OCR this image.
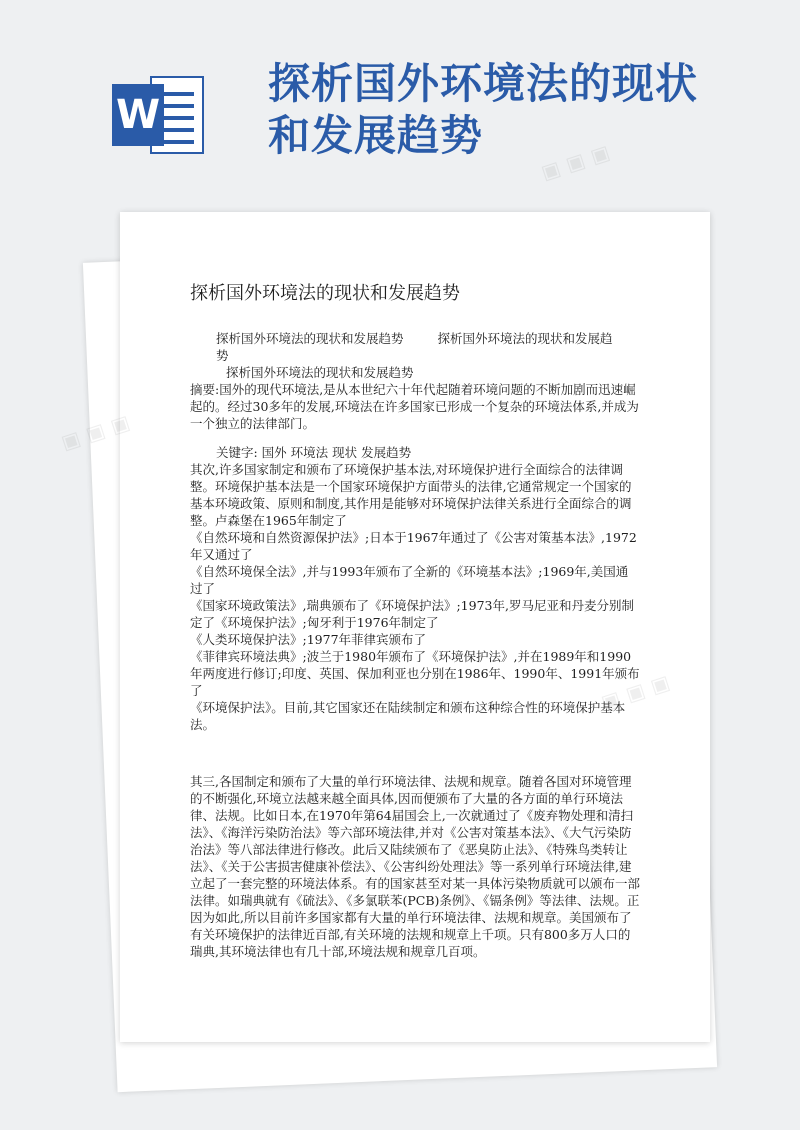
W
探析国外环境法的现状
和发展趋势
探析国外环境法的现状和发展趋势

探析国外环境法的现状和发展趋势	探析国外环境法的现状和发展趋势
探析国外环境法的现状和发展趋势

摘要:国外的现代环境法,是从本世纪六十年代起随着环境问题的不断加剧而迅速崛起的。经过30多年的发展,环境法在许多国家已形成一个复杂的环境法体系,并成为一个独立的法律部门。

关键字: 国外 环境法 现状 发展趋势

其次,许多国家制定和颁布了环境保护基本法,对环境保护进行全面综合的法律调整。环境保护基本法是一个国家环境保护方面带头的法律,它通常规定一个国家的基本环境政策、原则和制度,其作用是能够对环境保护法律关系进行全面综合的调整。卢森堡在1965年制定了

《自然环境和自然资源保护法》;日本于1967年通过了《公害对策基本法》,1972年又通过了

《自然环境保全法》,并与1993年颁布了全新的《环境基本法》;1969年,美国通过了

《国家环境政策法》,瑞典颁布了《环境保护法》;1973年,罗马尼亚和丹麦分别制定了《环境保护法》;匈牙利于1976年制定了

《人类环境保护法》;1977年菲律宾颁布了

《菲律宾环境法典》;波兰于1980年颁布了《环境保护法》,并在1989年和1990年两度进行修订;印度、英国、保加利亚也分别在1986年、1990年、1991年颁布了

《环境保护法》。目前,其它国家还在陆续制定和颁布这种综合性的环境保护基本法。

其三,各国制定和颁布了大量的单行环境法律、法规和规章。随着各国对环境管理的不断强化,环境立法越来越全面具体,因而便颁布了大量的各方面的单行环境法律、法规。比如日本,在1970年第64届国会上,一次就通过了《废弃物处理和清扫法》、《海洋污染防治法》等六部环境法律,并对《公害对策基本法》、《大气污染防治法》等八部法律进行修改。此后又陆续颁布了《恶臭防止法》、《特殊鸟类转让法》、《关于公害损害健康补偿法》、《公害纠纷处理法》等一系列单行环境法律,建立起了一套完整的环境法体系。有的国家甚至对某一具体污染物质就可以颁布一部法律。如瑞典就有《硫法》、《多氯联苯(PCB)条例》、《镉条例》等法律、法规。正因为如此,所以目前许多国家都有大量的单行环境法律、法规和规章。美国颁布了有关环境保护的法律近百部,有关环境的法规和规章上千项。只有800多万人口的瑞典,其环境法律也有几十部,环境法规和规章几百项。

▣ ▣ ▣
▣ ▣ ▣
▣ ▣ ▣
